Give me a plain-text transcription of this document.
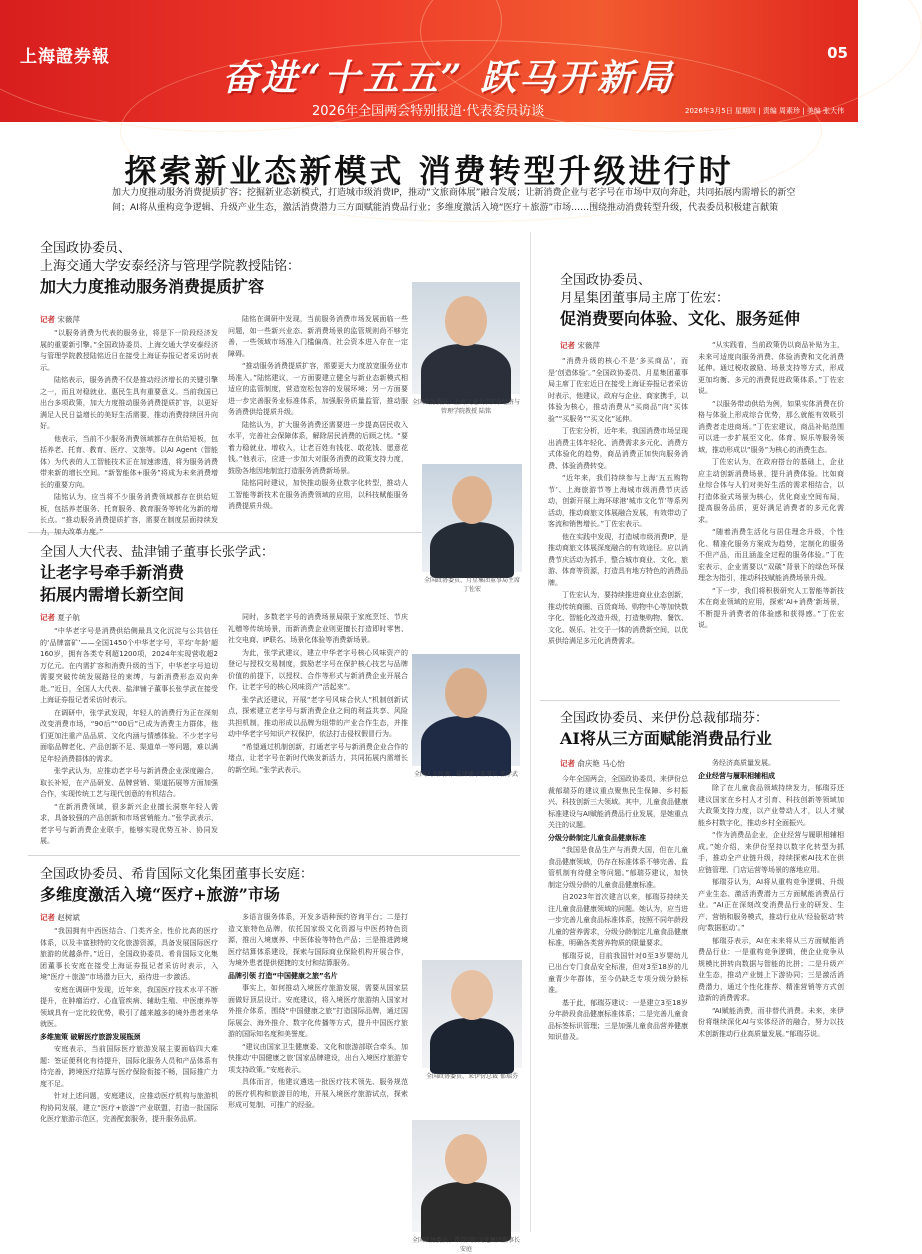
上海證券報	奋进“十五五” 跃马开新局
2026年全国两会特别报道·代表委员访谈
05
2026年3月5日 星期四 | 责编 周素珍 | 美编 张大伟
探索新业态新模式 消费转型升级进行时
加大力度推动服务消费提质扩容；挖掘新业态新模式，打造城市级消费IP，推动“文旅商体展”融合发展；让新消费企业与老字号在市场中双向奔赴，共同拓展内需增长的新空间；AI将从重构竞争逻辑、升级产业生态，激活消费潜力三方面赋能消费品行业；多维度激活入境“医疗＋旅游”市场……围绕推动消费转型升级，代表委员积极建言献策
全国政协委员、
上海交通大学安泰经济与管理学院教授陆铭：
加大力度推动服务消费提质扩容
记者 宋薇萍

“以服务消费为代表的服务业，将是下一阶段经济发展的重要新引擎。”全国政协委员、上海交通大学安泰经济与管理学院教授陆铭近日在接受上海证券报记者采访时表示。

陆铭表示，服务消费不仅是推动经济增长的关键引擎之一，而且对稳就业、惠民生具有重要意义。当前我国已出台多项政策，加大力度推动服务消费提质扩容，以更好满足人民日益增长的美好生活需要，推动消费持续回升向好。

他表示，当前不少服务消费领域都存在供给短板，包括养老、托育、教育、医疗、文旅等。以AI Agent（智能体）为代表的人工智能技术正在加速渗透，将为服务消费带来新的增长空间。“新智能体+服务”将成为未来消费增长的重要方向。

陆铭认为，应当将不少服务消费领域都存在供给短板，包括养老服务、托育服务、教育服务等转化为新的增长点。“推动服务消费提质扩容，需要在制度层面持续发力，加大改革力度。”

陆铭在调研中发现，当前服务消费市场发展面临一些问题，如一些新兴业态、新消费场景的监管规则尚不够完善，一些领域市场准入门槛偏高，社会资本进入存在一定障碍。

“推动服务消费提质扩容，需要更大力度放宽服务业市场准入。”陆铭建议，一方面要建立健全与新业态新模式相适应的监管制度，营造宽松包容的发展环境；另一方面要进一步完善服务业标准体系，加强服务质量监管，推动服务消费供给提质升级。

陆铭认为，扩大服务消费还需要进一步提高居民收入水平，完善社会保障体系，解除居民消费的后顾之忧。“要着力稳就业、增收入，让老百姓有钱花、敢花钱、愿意花钱。”他表示，应进一步加大对服务消费的政策支持力度，鼓励各地因地制宜打造服务消费新场景。

陆铭同时建议，加快推动服务业数字化转型，推动人工智能等新技术在服务消费领域的应用，以科技赋能服务消费提质升级。

全国政协委员、上海交通大学安泰经济与管理学院教授 陆铭
全国人大代表、盐津铺子董事长张学武：
让老字号牵手新消费
拓展内需增长新空间
记者 夏子航

“中华老字号是消费供给侧最具文化沉淀与公共信任的‘品牌富矿’——全国1450个中华老字号，平均‘年龄’超160岁，拥有各类专利超1200项，2024年实现营收超2万亿元。在内需扩容和消费升级的当下，中华老字号迫切需要突破传统发展路径的束缚，与新消费形态双向奔赴。”近日，全国人大代表、盐津铺子董事长张学武在接受上海证券报记者采访时表示。

在调研中，张学武发现，年轻人的消费行为正在深刻改变消费市场，“90后”“00后”已成为消费主力群体，他们更加注重产品品质、文化内涵与情感体验。不少老字号面临品牌老化、产品创新不足、渠道单一等问题，难以满足年轻消费群体的需求。

张学武认为，应推动老字号与新消费企业深度融合，取长补短，在产品研发、品牌营销、渠道拓展等方面加强合作，实现传统工艺与现代创意的有机结合。

“在新消费领域，很多新兴企业擅长洞察年轻人需求，具备较强的产品创新和市场营销能力。”张学武表示，老字号与新消费企业联手，能够实现优势互补、协同发展。

同时，多数老字号的消费场景局限于家庭烹饪、节庆礼赠等传统场景，而新消费企业则更擅长打造即时零售、社交电商、IP联名、场景化体验等消费新场景。

为此，张学武建议，建立中华老字号核心风味资产的登记与授权交易制度，鼓励老字号在保护核心技艺与品牌价值的前提下，以授权、合作等形式与新消费企业开展合作，让老字号的核心风味资产“活起来”。

张学武还建议，开展“老字号风味合伙人”机制创新试点，探索建立老字号与新消费企业之间的利益共享、风险共担机制，推动形成以品牌为纽带的产业合作生态，并推动中华老字号知识产权保护，依法打击侵权假冒行为。

“希望通过机制创新，打通老字号与新消费企业合作的堵点，让老字号在新时代焕发新活力，共同拓展内需增长的新空间。”张学武表示。

全国人大代表、盐津铺子董事长 张学武
全国政协委员、希肯国际文化集团董事长安庭：
多维度激活入境“医疗+旅游”市场
记者 赵树斌

“我国拥有中西医结合、门类齐全、性价比高的医疗体系，以及丰富独特的文化旅游资源，具备发展国际医疗旅游的优越条件。”近日，全国政协委员、希肯国际文化集团董事长安庭在接受上海证券报记者采访时表示，入境“医疗＋旅游”市场潜力巨大，亟待进一步激活。

安庭在调研中发现，近年来，我国医疗技术水平不断提升，在肿瘤治疗、心血管疾病、辅助生殖、中医康养等领域具有一定比较优势，吸引了越来越多的境外患者来华就医。

多维施策 破解医疗旅游发展瓶颈

安庭表示，当前国际医疗旅游发展主要面临四大难题：签证便利化有待提升，国际化服务人员和产品体系有待完善，跨境医疗结算与医疗保险衔接不畅，国际推广力度不足。

针对上述问题，安庭建议，应推动医疗机构与旅游机构协同发展，建立“医疗+旅游”产业联盟，打造一批国际化医疗旅游示范区，完善配套服务，提升服务品质。

多语言服务体系，开发多语种预约咨询平台；二是打造文旅特色品牌，依托国家级文化资源与中医药特色资源，推出入境康养、中医体验等特色产品；三是推进跨境医疗结算体系建设，探索与国际商业保险机构开展合作，为境外患者提供便捷的支付和结算服务。

品牌引领 打造“中国健康之旅”名片

事实上，如何推动入境医疗旅游发展，需要从国家层面做好顶层设计。安庭建议，将入境医疗旅游纳入国家对外推介体系，围绕“中国健康之旅”打造国际品牌，通过国际展会、海外推介、数字化传播等方式，提升中国医疗旅游的国际知名度和美誉度。

“建议由国家卫生健康委、文化和旅游部联合牵头，加快推动‘中国健康之旅’国家品牌建设，出台入境医疗旅游专项支持政策。”安庭表示。

具体而言，他建议遴选一批医疗技术领先、服务规范的医疗机构和旅游目的地，开展入境医疗旅游试点，探索形成可复制、可推广的经验。

全国政协委员、希肯国际文化集团董事长 安庭
全国政协委员、
月星集团董事局主席丁佐宏：
促消费要向体验、文化、服务延伸
记者 宋薇萍
全国政协委员、月星集团董事局主席 丁佐宏

“消费升级的核心不是‘多买商品’，而是‘创造体验’。”全国政协委员、月星集团董事局主席丁佐宏近日在接受上海证券报记者采访时表示，他建议，政府与企业、商家携手，以体验为核心，推动消费从“买商品”向“买体验”“买服务”“买文化”延伸。

丁佐宏分析，近年来，我国消费市场呈现出消费主体年轻化、消费需求多元化、消费方式体验化的趋势，商品消费正加快向服务消费、体验消费转变。

“近年来，我们持续参与上海‘五五购物节’、上海旅游节等上海城市级消费节庆活动，创新开展上海环球港‘城市文化节’等系列活动，推动商旅文体展融合发展，有效带动了客流和销售增长。”丁佐宏表示。

他在实践中发现，打造城市级消费IP，是推动商旅文体展深度融合的有效途径。应以消费节庆活动为抓手，整合城市商业、文化、旅游、体育等资源，打造具有地方特色的消费品牌。

丁佐宏认为，要持续推进商业业态创新，推动传统商圈、百货商场、购物中心等加快数字化、智能化改造升级，打造集购物、餐饮、文化、娱乐、社交于一体的消费新空间，以优质供给满足多元化消费需求。

“从实践看，当前政策仍以商品补贴为主，未来可适度向服务消费、体验消费和文化消费延伸。通过税收激励、场景支持等方式，形成更加均衡、多元的消费促进政策体系。”丁佐宏说。

“以服务带动供给为例，如果实体消费在价格与体验上形成综合优势，那么就能有效吸引消费者走进商场。”丁佐宏建议，商品补贴范围可以进一步扩展至文化、体育、娱乐等服务领域，推动形成以“服务”为核心的消费生态。

丁佐宏认为，在政府搭台的基础上，企业应主动创新消费场景，提升消费体验。比如商业综合体与人们对美好生活的需求相结合，以打造体验式场景为核心，优化商业空间布局，提高服务品质，更好满足消费者的多元化需求。

“随着消费生活化与居住理念升级，个性化、精准化服务方案成为趋势，定制化的服务不但产品，而且涵盖全过程的服务体验。”丁佐宏表示，企业需要以“双碳”背景下的绿色环保理念为指引，推动科技赋能消费场景升级。

“下一步，我们将积极研究人工智能等新技术在商业领域的应用，探索‘AI+消费’新场景，不断提升消费者的体验感和获得感。”丁佐宏说。

全国政协委员、来伊份总裁郁瑞芬：
AI将从三方面赋能消费品行业
记者 俞庆艳 马心怡
全国政协委员、来伊份总裁 郁瑞芬

今年全国两会，全国政协委员、来伊份总裁郁瑞芬的建议重点聚焦民生保障、乡村振兴、科技创新三大领域。其中，儿童食品健康标准建设与AI赋能消费品行业发展，是她重点关注的议题。

分级分龄制定儿童食品健康标准

“我国是食品生产与消费大国，但在儿童食品健康领域，仍存在标准体系不够完善、监管机制有待健全等问题。”郁瑞芬建议，加快制定分级分龄的儿童食品健康标准。

自2023年首次建言以来，郁瑞芬持续关注儿童食品健康领域的问题。她认为，应当进一步完善儿童食品标准体系，按照不同年龄段儿童的营养需求，分级分龄制定儿童食品健康标准，明确各类营养物质的限量要求。

郁瑞芬说，目前我国针对0至3岁婴幼儿已出台专门食品安全标准，但对3至18岁的儿童青少年群体，至今仍缺乏专项分级分龄标准。

基于此，郁瑞芬建议：一是建立3至18岁分年龄段食品健康标准体系；二是完善儿童食品标签标识管理；三是加强儿童食品营养健康知识普及。

务经济高质量发展。

企业经营与履职相辅相成

除了在儿童食品领域持续发力，郁瑞芬还建议国家在乡村人才引育、科技创新等领域加大政策支持力度，以产业带动人才，以人才赋能乡村数字化，推动乡村全面振兴。

“作为消费品企业，企业经营与履职相辅相成。”她介绍，来伊份坚持以数字化转型为抓手，推动全产业链升级，持续探索AI技术在供应链管理、门店运营等场景的落地应用。

郁瑞芬认为，AI将从重构竞争逻辑、升级产业生态、激活消费潜力三方面赋能消费品行业。“AI正在深刻改变消费品行业的研发、生产、营销和服务模式，推动行业从‘经验驱动’转向‘数据驱动’。”

郁瑞芬表示，AI在未来将从三方面赋能消费品行业：一是重构竞争逻辑，使企业竞争从规模比拼转向数据与智能的比拼；二是升级产业生态，推动产业链上下游协同；三是激活消费潜力，通过个性化推荐、精准营销等方式创造新的消费需求。

“AI赋能消费，而非替代消费。未来，来伊份将继续深化AI与实体经济的融合，努力以技术创新推动行业高质量发展。”郁瑞芬说。
